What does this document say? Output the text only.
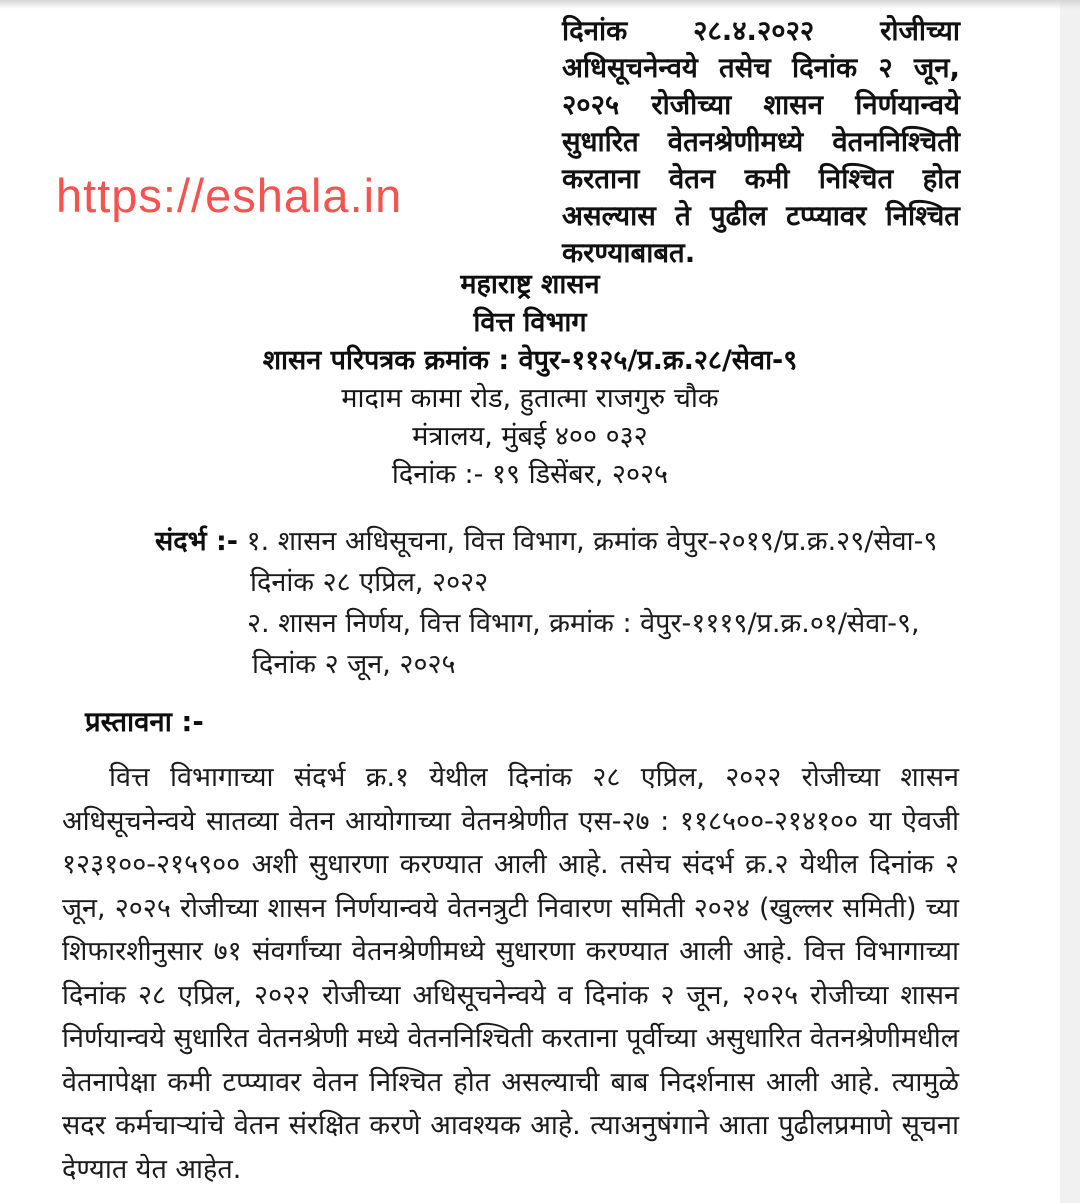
दिनांक २८.४.२०२२ रोजीच्या अधिसूचनेन्वये तसेच दिनांक २ जून, २०२५ रोजीच्या शासन निर्णयान्वये सुधारित वेतनश्रेणीमध्ये वेतननिश्चिती करताना वेतन कमी निश्चित होत असल्यास ते पुढील टप्प्यावर निश्चित करण्याबाबत.
https://eshala.in
महाराष्ट्र शासन
वित्त विभाग
शासन परिपत्रक क्रमांक : वेपुर-११२५/प्र.क्र.२८/सेवा-९
मादाम कामा रोड, हुतात्मा राजगुरु चौक
मंत्रालय, मुंबई ४०० ०३२
दिनांक :- १९ डिसेंबर, २०२५
संदर्भ :- १. शासन अधिसूचना, वित्त विभाग, क्रमांक वेपुर-२०१९/प्र.क्र.२९/सेवा-९
दिनांक २८ एप्रिल, २०२२
२. शासन निर्णय, वित्त विभाग, क्रमांक : वेपुर-१११९/प्र.क्र.०१/सेवा-९,
दिनांक २ जून, २०२५
प्रस्तावना :-
वित्त विभागाच्या संदर्भ क्र.१ येथील दिनांक २८ एप्रिल, २०२२ रोजीच्या शासन अधिसूचनेन्वये सातव्या वेतन आयोगाच्या वेतनश्रेणीत एस-२७ : ११८५००-२१४१०० या ऐवजी १२३१००-२१५९०० अशी सुधारणा करण्यात आली आहे. तसेच संदर्भ क्र.२ येथील दिनांक २ जून, २०२५ रोजीच्या शासन निर्णयान्वये वेतनत्रुटी निवारण समिती २०२४ (खुल्लर समिती) च्या शिफारशीनुसार ७१ संवर्गांच्या वेतनश्रेणीमध्ये सुधारणा करण्यात आली आहे. वित्त विभागाच्या दिनांक २८ एप्रिल, २०२२ रोजीच्या अधिसूचनेन्वये व दिनांक २ जून, २०२५ रोजीच्या शासन निर्णयान्वये सुधारित वेतनश्रेणी मध्ये वेतननिश्चिती करताना पूर्वीच्या असुधारित वेतनश्रेणीमधील वेतनापेक्षा कमी टप्प्यावर वेतन निश्चित होत असल्याची बाब निदर्शनास आली आहे. त्यामुळे सदर कर्मचाऱ्यांचे वेतन संरक्षित करणे आवश्यक आहे. त्याअनुषंगाने आता पुढीलप्रमाणे सूचना देण्यात येत आहेत.
